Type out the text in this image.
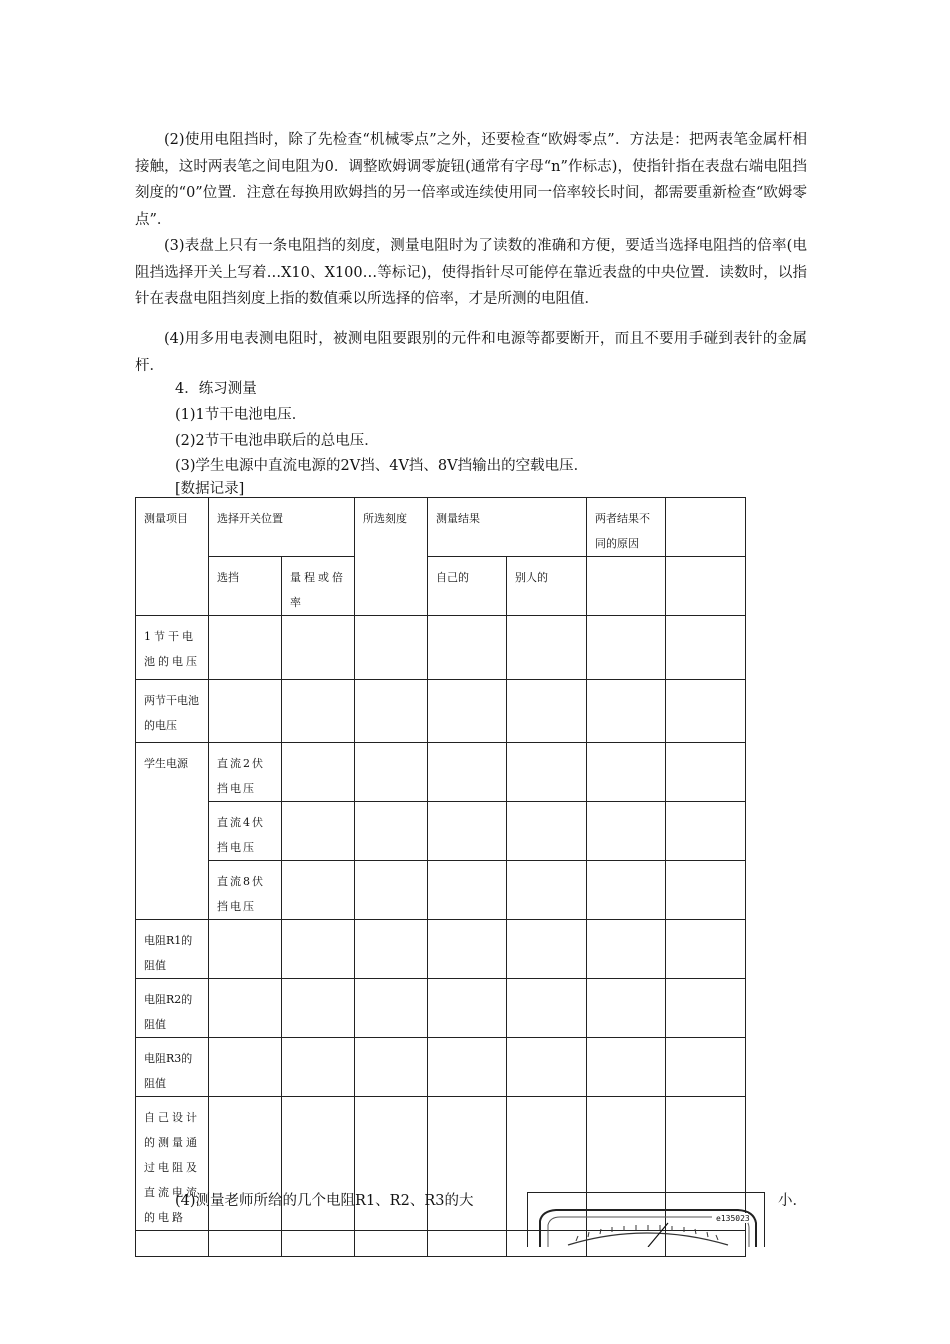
(2)使用电阻挡时，除了先检查“机械零点”之外，还要检查“欧姆零点”．方法是：把两表笔金属杆相接触，这时两表笔之间电阻为0．调整欧姆调零旋钮(通常有字母“n”作标志)，使指针指在表盘右端电阻挡刻度的“0”位置．注意在每换用欧姆挡的另一倍率或连续使用同一倍率较长时间，都需要重新检查“欧姆零点”．

(3)表盘上只有一条电阻挡的刻度，测量电阻时为了读数的准确和方便，要适当选择电阻挡的倍率(电阻挡选择开关上写着…X10、X100…等标记)，使得指针尽可能停在靠近表盘的中央位置．读数时，以指针在表盘电阻挡刻度上指的数值乘以所选择的倍率，才是所测的电阻值．

(4)用多用电表测电阻时，被测电阻要跟别的元件和电源等都要断开，而且不要用手碰到表针的金属杆．

4．练习测量
(1)1节干电池电压．
(2)2节干电池串联后的总电压．
(3)学生电源中直流电源的2V挡、4V挡、8V挡输出的空载电压．
[数据记录]
测量项目	选择开关位置		所选刻度	测量结果		两者结果不同的原因	
	选挡	量程或倍率		自己的	别人的		
1节干电池的电压							
两节干电池的电压							
学生电源	直流2伏挡电压						
	直流4伏挡电压						
	直流8伏挡电压						
电阻R1的阻值							
电阻R2的阻值							
电阻R3的阻值							
自己设计的测量通过电阻及直流电流的电路							

(4)测量老师所给的几个电阻R1、R2、R3的大	小．
e135023
